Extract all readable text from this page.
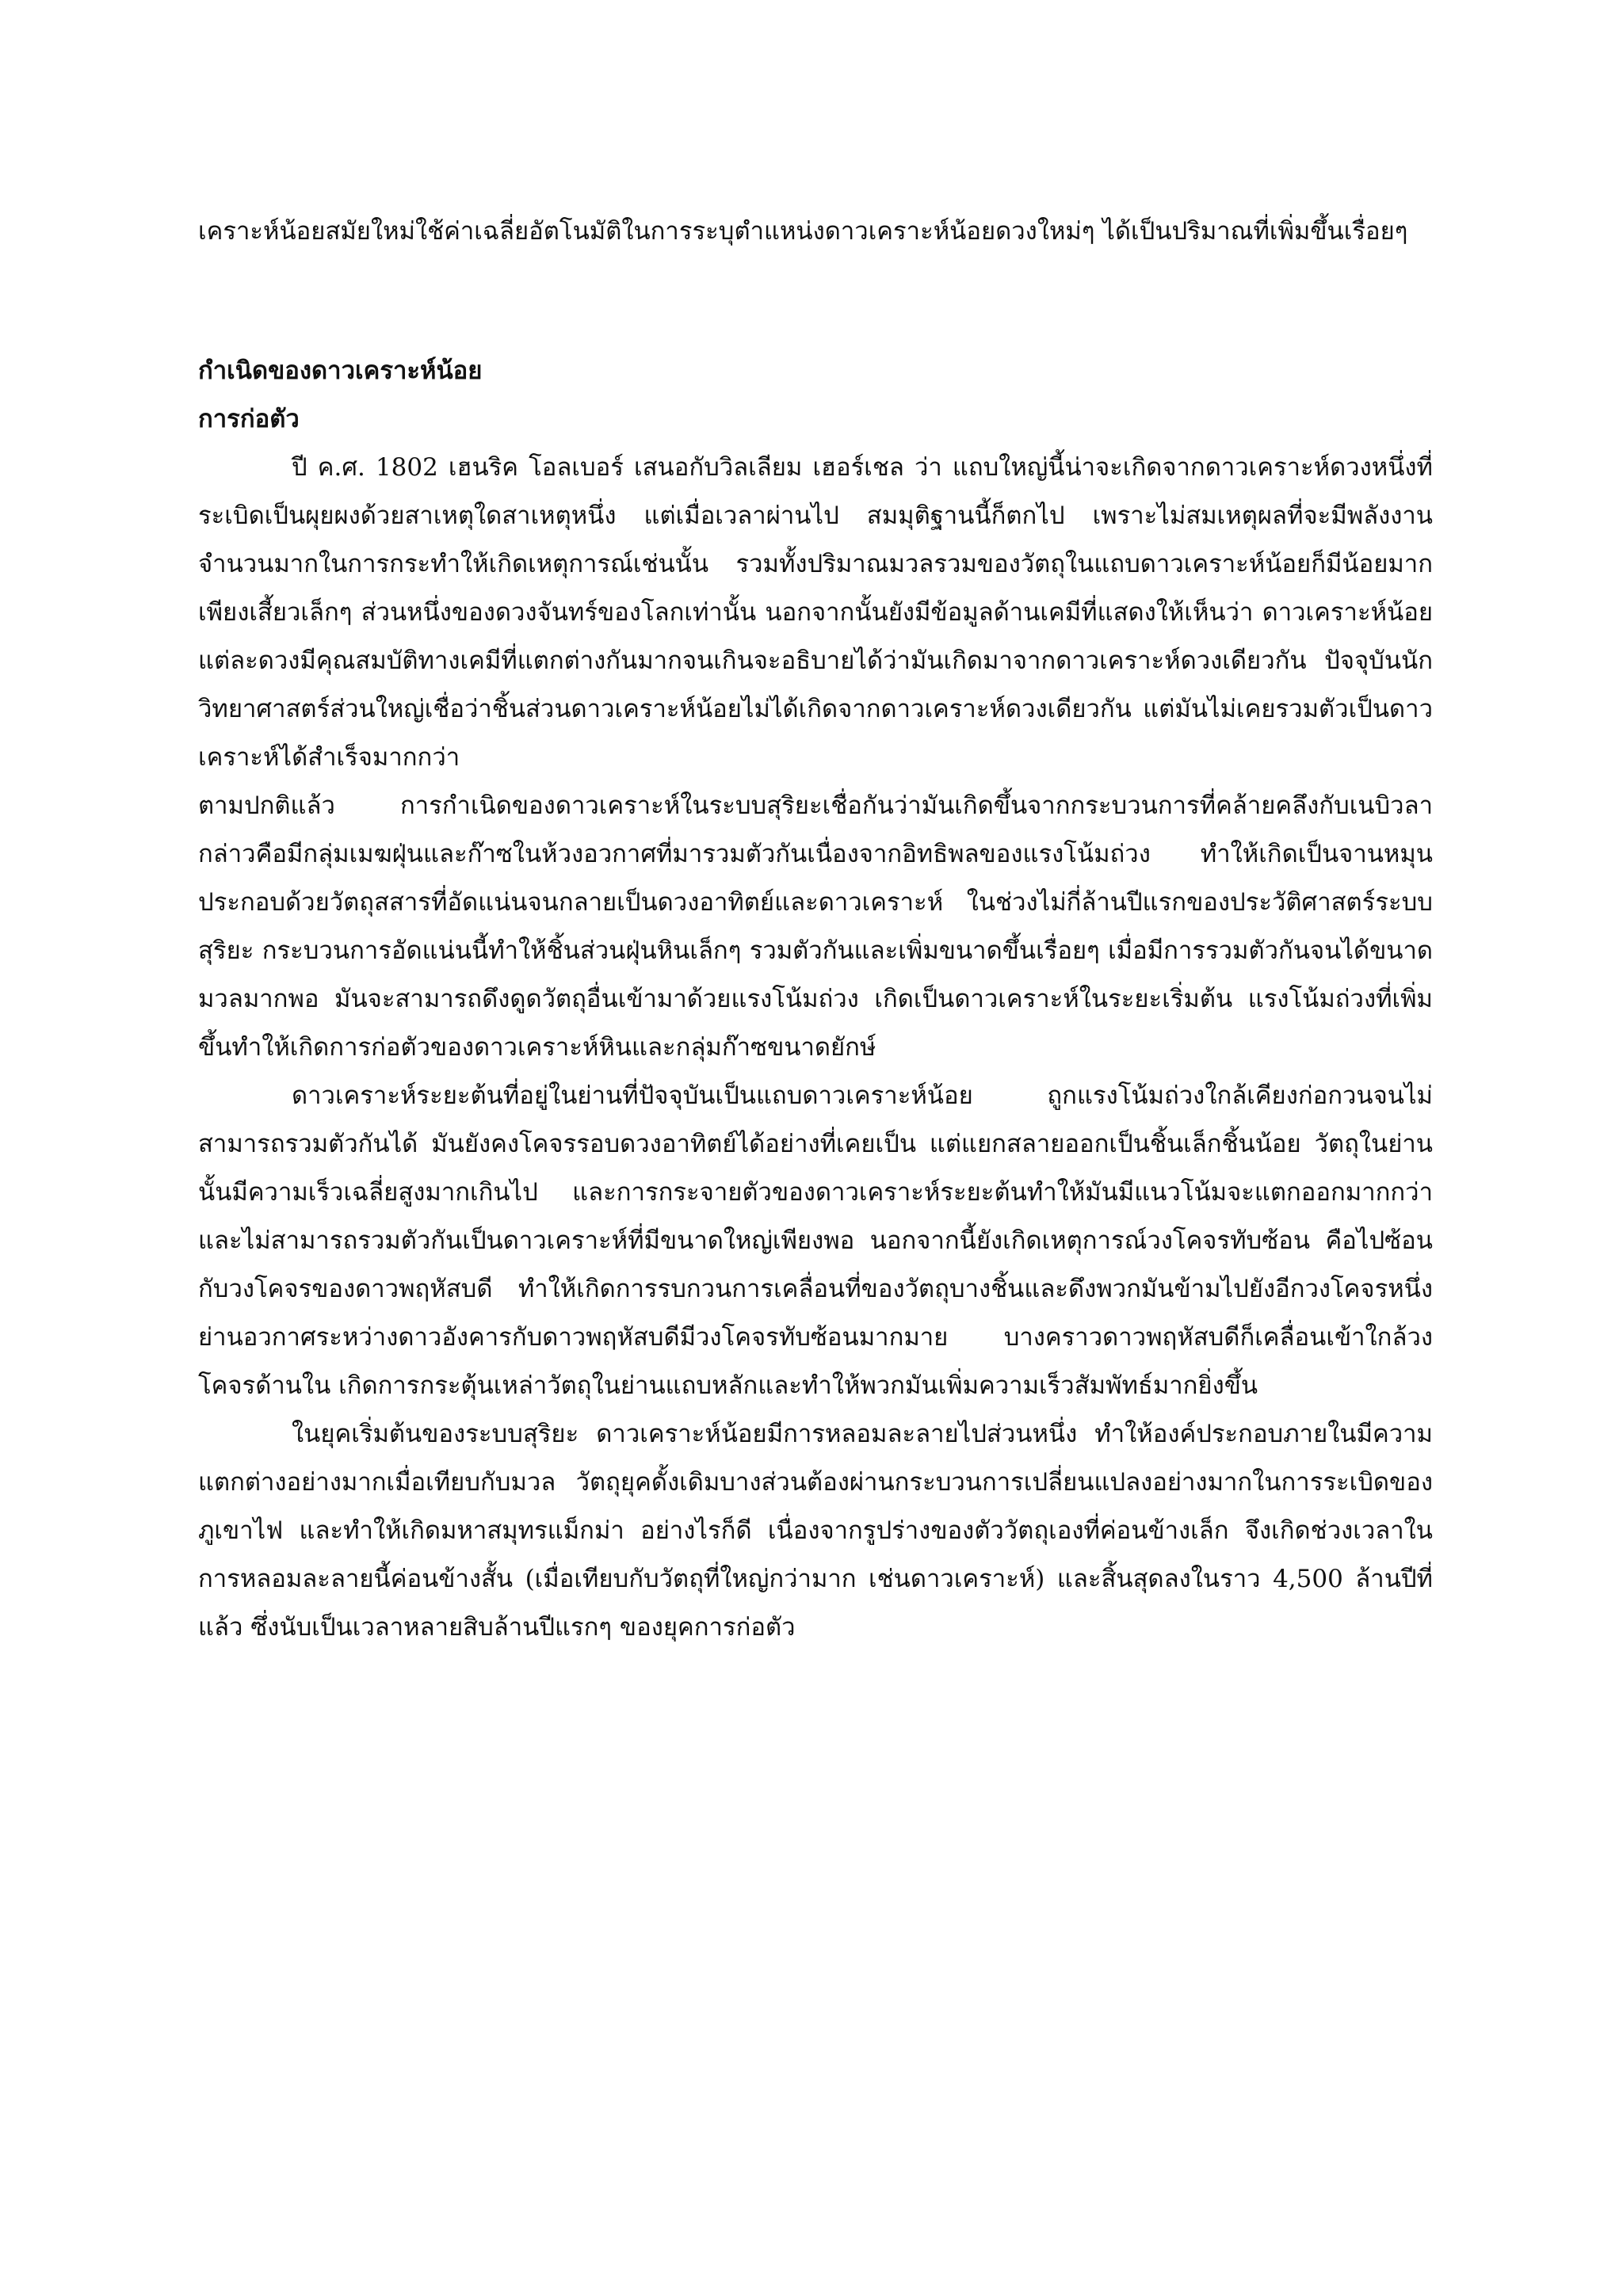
เคราะห์น้อยสมัยใหม่ใช้ค่าเฉลี่ยอัตโนมัติในการระบุตำแหน่งดาวเคราะห์น้อยดวงใหม่ๆ ได้เป็นปริมาณที่เพิ่มขึ้นเรื่อยๆ

กำเนิดของดาวเคราะห์น้อย
การก่อตัว

ปี ค.ศ. 1802 เฮนริค โอลเบอร์ เสนอกับวิลเลียม เฮอร์เชล ว่า แถบใหญ่นี้น่าจะเกิดจากดาวเคราะห์ดวงหนึ่งที่ระเบิดเป็นผุยผงด้วยสาเหตุใดสาเหตุหนึ่ง แต่เมื่อเวลาผ่านไป สมมุติฐานนี้ก็ตกไป เพราะไม่สมเหตุผลที่จะมีพลังงานจำนวนมากในการกระทำให้เกิดเหตุการณ์เช่นนั้น รวมทั้งปริมาณมวลรวมของวัตถุในแถบดาวเคราะห์น้อยก็มีน้อยมาก เพียงเสี้ยวเล็กๆ ส่วนหนึ่งของดวงจันทร์ของโลกเท่านั้น นอกจากนั้นยังมีข้อมูลด้านเคมีที่แสดงให้เห็นว่า ดาวเคราะห์น้อยแต่ละดวงมีคุณสมบัติทางเคมีที่แตกต่างกันมากจนเกินจะอธิบายได้ว่ามันเกิดมาจากดาวเคราะห์ดวงเดียวกัน ปัจจุบันนักวิทยาศาสตร์ส่วนใหญ่เชื่อว่าชิ้นส่วนดาวเคราะห์น้อยไม่ได้เกิดจากดาวเคราะห์ดวงเดียวกัน แต่มันไม่เคยรวมตัวเป็นดาวเคราะห์ได้สำเร็จมากกว่า

ตามปกติแล้ว การกำเนิดของดาวเคราะห์ในระบบสุริยะเชื่อกันว่ามันเกิดขึ้นจากกระบวนการที่คล้ายคลึงกับเนบิวลา กล่าวคือมีกลุ่มเมฆฝุ่นและก๊าซในห้วงอวกาศที่มารวมตัวกันเนื่องจากอิทธิพลของแรงโน้มถ่วง ทำให้เกิดเป็นจานหมุนประกอบด้วยวัตถุสสารที่อัดแน่นจนกลายเป็นดวงอาทิตย์และดาวเคราะห์ ในช่วงไม่กี่ล้านปีแรกของประวัติศาสตร์ระบบสุริยะ กระบวนการอัดแน่นนี้ทำให้ชิ้นส่วนฝุ่นหินเล็กๆ รวมตัวกันและเพิ่มขนาดขึ้นเรื่อยๆ เมื่อมีการรวมตัวกันจนได้ขนาดมวลมากพอ มันจะสามารถดึงดูดวัตถุอื่นเข้ามาด้วยแรงโน้มถ่วง เกิดเป็นดาวเคราะห์ในระยะเริ่มต้น แรงโน้มถ่วงที่เพิ่มขึ้นทำให้เกิดการก่อตัวของดาวเคราะห์หินและกลุ่มก๊าซขนาดยักษ์

ดาวเคราะห์ระยะต้นที่อยู่ในย่านที่ปัจจุบันเป็นแถบดาวเคราะห์น้อย ถูกแรงโน้มถ่วงใกล้เคียงก่อกวนจนไม่สามารถรวมตัวกันได้ มันยังคงโคจรรอบดวงอาทิตย์ได้อย่างที่เคยเป็น แต่แยกสลายออกเป็นชิ้นเล็กชิ้นน้อย วัตถุในย่านนั้นมีความเร็วเฉลี่ยสูงมากเกินไป และการกระจายตัวของดาวเคราะห์ระยะต้นทำให้มันมีแนวโน้มจะแตกออกมากกว่า และไม่สามารถรวมตัวกันเป็นดาวเคราะห์ที่มีขนาดใหญ่เพียงพอ นอกจากนี้ยังเกิดเหตุการณ์วงโคจรทับซ้อน คือไปซ้อนกับวงโคจรของดาวพฤหัสบดี ทำให้เกิดการรบกวนการเคลื่อนที่ของวัตถุบางชิ้นและดึงพวกมันข้ามไปยังอีกวงโคจรหนึ่ง ย่านอวกาศระหว่างดาวอังคารกับดาวพฤหัสบดีมีวงโคจรทับซ้อนมากมาย บางคราวดาวพฤหัสบดีก็เคลื่อนเข้าใกล้วงโคจรด้านใน เกิดการกระตุ้นเหล่าวัตถุในย่านแถบหลักและทำให้พวกมันเพิ่มความเร็วสัมพัทธ์มากยิ่งขึ้น

ในยุคเริ่มต้นของระบบสุริยะ ดาวเคราะห์น้อยมีการหลอมละลายไปส่วนหนึ่ง ทำให้องค์ประกอบภายในมีความแตกต่างอย่างมากเมื่อเทียบกับมวล วัตถุยุคดั้งเดิมบางส่วนต้องผ่านกระบวนการเปลี่ยนแปลงอย่างมากในการระเบิดของภูเขาไฟ และทำให้เกิดมหาสมุทรแม็กม่า อย่างไรก็ดี เนื่องจากรูปร่างของตัววัตถุเองที่ค่อนข้างเล็ก จึงเกิดช่วงเวลาในการหลอมละลายนี้ค่อนข้างสั้น (เมื่อเทียบกับวัตถุที่ใหญ่กว่ามาก เช่นดาวเคราะห์) และสิ้นสุดลงในราว 4,500 ล้านปีที่แล้ว ซึ่งนับเป็นเวลาหลายสิบล้านปีแรกๆ ของยุคการก่อตัว
